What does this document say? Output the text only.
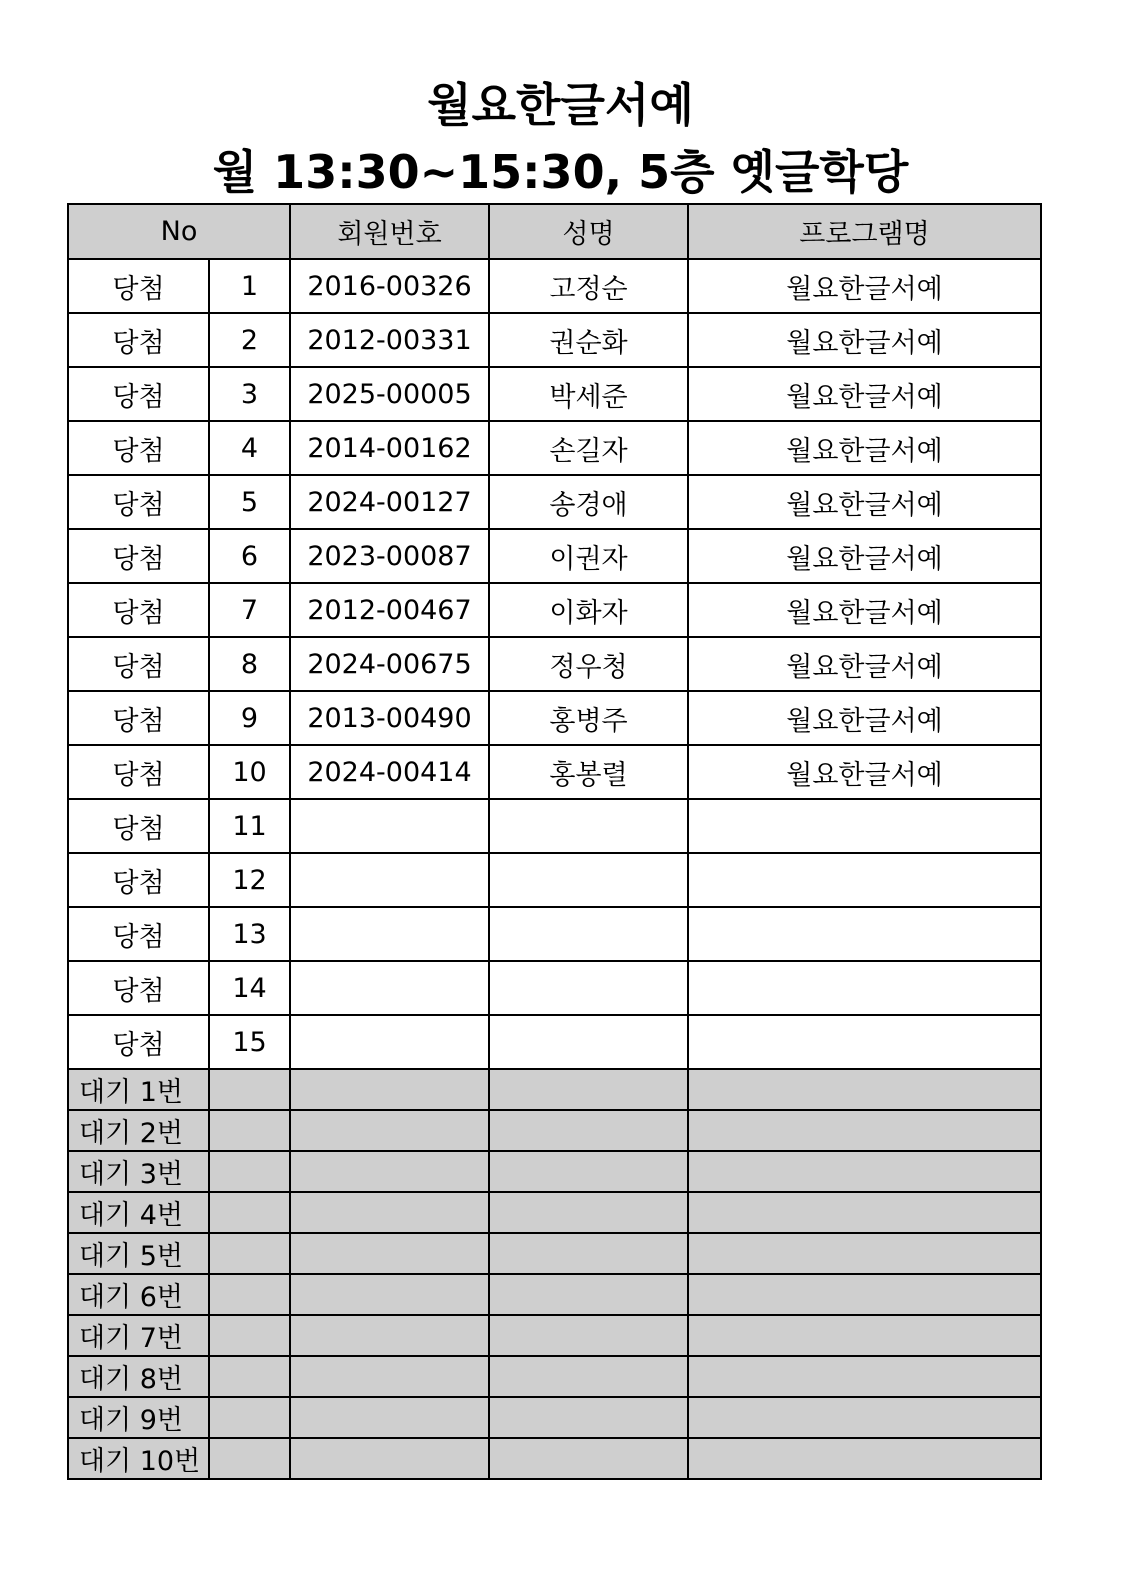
월요한글서예
월 13:30~15:30, 5층 옛글학당
No		회원번호	성명	프로그램명
당첨	1	2016-00326	고정순	월요한글서예
당첨	2	2012-00331	권순화	월요한글서예
당첨	3	2025-00005	박세준	월요한글서예
당첨	4	2014-00162	손길자	월요한글서예
당첨	5	2024-00127	송경애	월요한글서예
당첨	6	2023-00087	이권자	월요한글서예
당첨	7	2012-00467	이화자	월요한글서예
당첨	8	2024-00675	정우청	월요한글서예
당첨	9	2013-00490	홍병주	월요한글서예
당첨	10	2024-00414	홍봉렬	월요한글서예
당첨	11			
당첨	12			
당첨	13			
당첨	14			
당첨	15			
대기 1번				
대기 2번				
대기 3번				
대기 4번				
대기 5번				
대기 6번				
대기 7번				
대기 8번				
대기 9번				
대기 10번				
